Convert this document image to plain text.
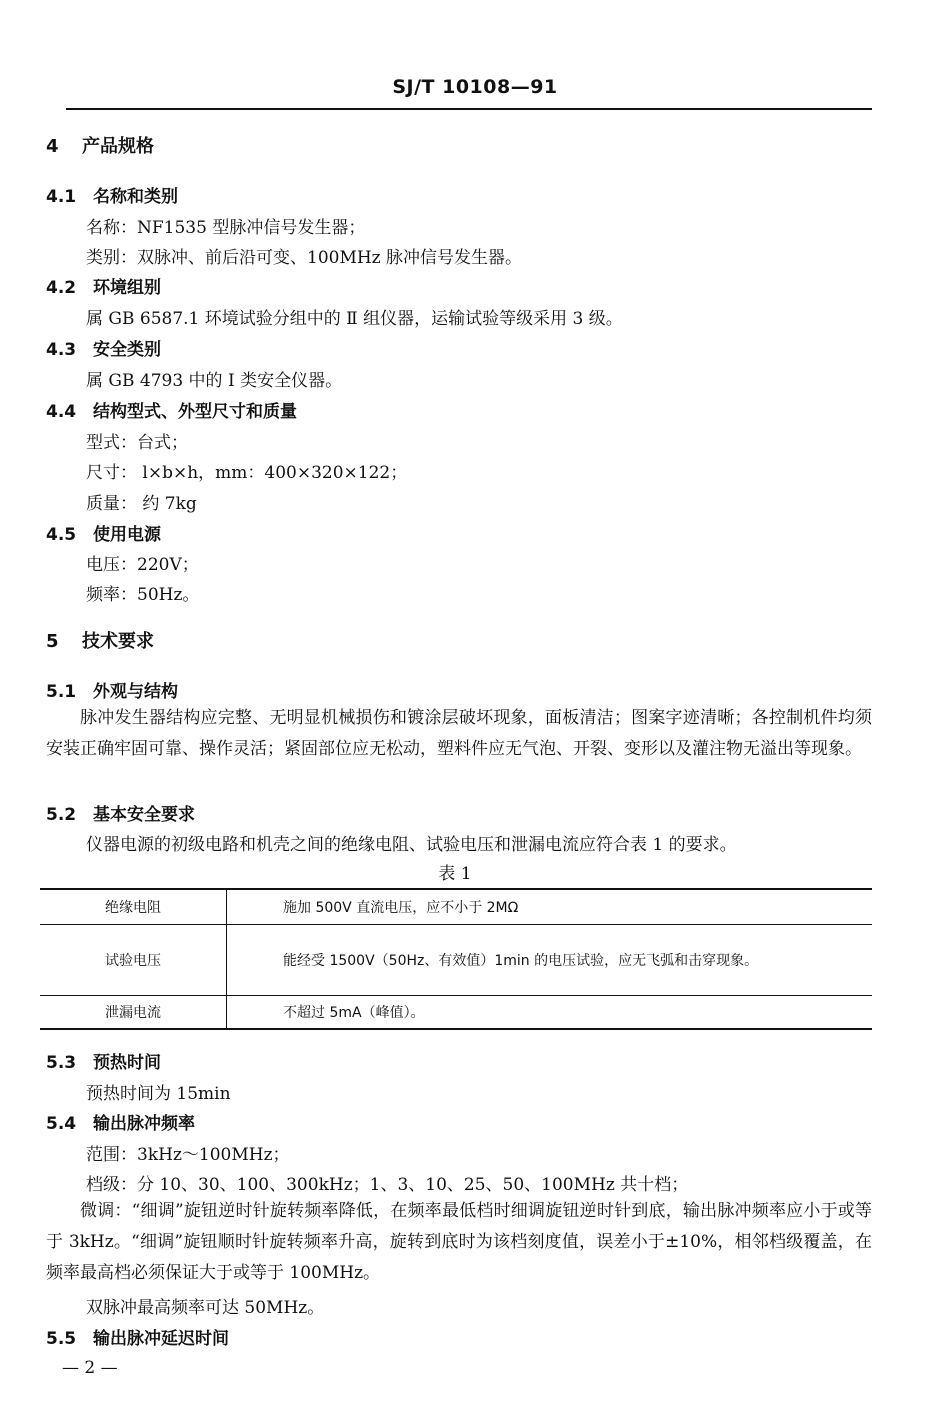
SJ/T 10108—91
4 产品规格
4.1 名称和类别
名称：NF1535 型脉冲信号发生器；
类别：双脉冲、前后沿可变、100MHz 脉冲信号发生器。
4.2 环境组别
属 GB 6587.1 环境试验分组中的 Ⅱ 组仪器，运输试验等级采用 3 级。
4.3 安全类别
属 GB 4793 中的 I 类安全仪器。
4.4 结构型式、外型尺寸和质量
型式：台式；
尺寸： l×b×h，mm：400×320×122；
质量： 约 7kg
4.5 使用电源
电压：220V；
频率：50Hz。
5 技术要求
5.1 外观与结构
脉冲发生器结构应完整、无明显机械损伤和镀涂层破坏现象，面板清洁；图案字迹清晰；各控制机件均须安装正确牢固可靠、操作灵活；紧固部位应无松动，塑料件应无气泡、开裂、变形以及灌注物无溢出等现象。
5.2 基本安全要求
仪器电源的初级电路和机壳之间的绝缘电阻、试验电压和泄漏电流应符合表 1 的要求。
表 1
绝缘电阻	施加 500V 直流电压，应不小于 2MΩ
试验电压	能经受 1500V（50Hz、有效值）1min 的电压试验，应无飞弧和击穿现象。
泄漏电流	不超过 5mA（峰值）。
5.3 预热时间
预热时间为 15min
5.4 输出脉冲频率
范围：3kHz～100MHz；
档级：分 10、30、100、300kHz；1、3、10、25、50、100MHz 共十档；
微调：“细调”旋钮逆时针旋转频率降低，在频率最低档时细调旋钮逆时针到底，输出脉冲频率应小于或等于 3kHz。“细调”旋钮顺时针旋转频率升高，旋转到底时为该档刻度值，误差小于±10%，相邻档级覆盖，在频率最高档必须保证大于或等于 100MHz。
双脉冲最高频率可达 50MHz。
5.5 输出脉冲延迟时间
— 2 —
